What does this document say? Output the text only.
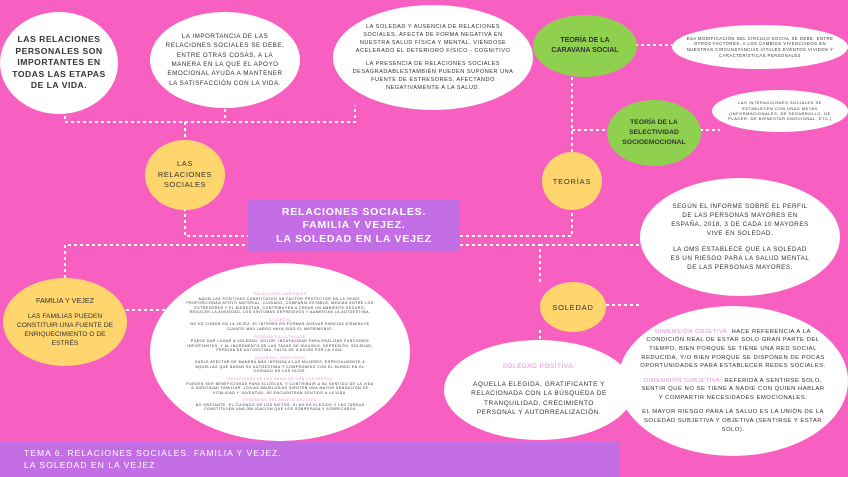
LAS RELACIONES PERSONALES SON IMPORTANTES EN TODAS LAS ETAPAS DE LA VIDA.
LA IMPORTANCIA DE LAS RELACIONES SOCIALES SE DEBE, ENTRE OTRAS COSAS, A LA MANERA EN LA QUE EL APOYO EMOCIONAL AYUDA A MANTENER LA SATISFACCIÓN CON LA VIDA.
LA SOLEDAD Y AUSENCIA DE RELACIONES SOCIALES, AFECTA DE FORMA NEGATIVA EN NUESTRA SALUD FÍSICA Y MENTAL, VIÉNDOSE ACELERADO EL DETERIORO FÍSICO - COGNITIVO
LA PRESENCIA DE RELACIONES SOCIALES DESAGRADABLESTAMBIÉN PUEDEN SUPONER UNA FUENTE DE ESTRESORES, AFECTANDO NEGATIVAMENTE A LA SALUD.
LAS RELACIONES SOCIALES
RELACIONES SOCIALES.
FAMILIA Y VEJEZ.
LA SOLEDAD EN LA VEJEZ
FAMILIA Y VEJEZ
LAS FAMILIAS PUEDEN CONSTITUIR UNA FUENTE DE ENRIQUECIMIENTO O DE ESTRÉS
RELACIONES MARITALES
AQUELLAS POSITIVAS CONSTITUYEN UN FACTOR PROTECTOR EN LA VEJEZ, PROPORCIONAN APOYO MATERIAL, CUIDADO, COMPAÑÍA ESTABLE, MEDIAN ENTRE LOS ESTRESORES Y EL BIENESTAR, CONTRIBUYEN A CREAR UN AMBIENTE SEGURO, REDUCEN LA ANSIEDAD, LOS SÍNTOMAS DEPRESIVOS Y AUMENTAN LA AUTOESTIMA.
DIVORCIO
NO ES COMÚN EN LA VEJEZ. EL INTERÉS EN FORMAR NUEVAS PAREJAS DISMINUYE CUANTO MÁS LARGO HAYA SIDO EL MATRIMONIO.
PÉRDIDA DEL CÓNYUGE
PUEDE DAR LUGAR A SOLEDAD, DOLOR, INCAPACIDAD PARA REALIZAR FUNCIONES IMPORTANTES, Y AL INCREMENTO DE LAS TASAS DE SUICIDIO, DEPRESIÓN, SOLEDAD, PÉRDIDA DE AUTOESTIMA, FALTA DE ILUSIÓN POR LA VIDA.
LAZOS DEL NIDO VACÍO
SUELE AFECTAR DE MANERA MÁS INTENSA A LAS MUJERES, ESPECIALMENTE A AQUELLAS QUE BASAN SU AUTOESTIMA Y COMPROMISO CON EL MUNDO EN EL CUIDADO DE LOS HIJOS.
RELACIONES DE LOS ABUELOS CON LOS NIETOS
PUEDEN SER BENEFICIOSAS PARA ELLOS/AS, Y CONTRIBUIR A SU SENTIDO DE LA VIDA E IDENTIDAD FAMILIAR. LOS/AS ABUELOS/AS SIENTEN UNA MAYOR SENSACIÓN DE VITALIDAD Y JUVENTUD, SE ENCUENTRAN SENTIDO A LA VIDA.
FENÓMENO DEL ABUELO ESCLAVO
NO OBSTANTE, EL CUIDADO DE LOS NIETOS, SI NO ES ELEGIDO Y LAS TAREAS CONSTITUYEN UNA OBLIGACIÓN QUE LOS SOBREPASA Y SOBRECARGA
TEORÍA DE LA CARAVANA SOCIAL
ESA MODIFICACIÓN DEL CÍRCULO SOCIAL SE DEBE, ENTRE OTROS FACTORES, A LOS CAMBIOS VIVENCIADOS EN NUESTRAS CIRCUNSTANCIAS VITALES EVENTOS VIVIDOS Y CARACTERÍSTICAS PERSONALES
TEORÍA DE LA SELECTIVIDAD SOCIOEMOCIONAL
LAS INTERACCIONES SOCIALES SE ESTABLECEN CON UNAS METAS (INFORMACIONALES, DE DESARROLLO, DE PLACER, DE BIENESTAR EMOCIONAL, ETC.)
TEORÍAS
SEGÚN EL INFORME SOBRE EL PERFIL DE LAS PERSONAS MAYORES EN ESPAÑA, 2018, 3 DE CADA 10 MAYORES VIVE EN SOLEDAD.
LA OMS ESTABLECE QUE LA SOLEDAD ES UN RIESGO PARA LA SALUD MENTAL DE LAS PERSONAS MAYORES.
SOLEDAD
SOLEDAD POSITIVA:
AQUELLA ELEGIDA, GRATIFICANTE Y RELACIONADA CON LA BÚSQUEDA DE TRANQUILIDAD, CRECIMIENTO PERSONAL Y AUTORREALIZACIÓN.
DIMENSIÓN OBJETIVA: HACE REFERENCIA A LA CONDICIÓN REAL DE ESTAR SOLO GRAN PARTE DEL TIEMPO, BIEN PORQUE SE TIENE UNA RED SOCIAL REDUCIDA, Y/O BIEN PORQUE SE DISPONEN DE POCAS OPORTUNIDADES PARA ESTABLECER REDES SOCIALES.
DIMENSIÓN SUBJETIVA: REFERIDA A SENTIRSE SOLO, SENTIR QUE NO SE TIENE A NADIE CON QUIEN HABLAR Y COMPARTIR NECESIDADES EMOCIONALES.
EL MAYOR RIESGO PARA LA SALUD ES LA UNIÓN DE LA SOLEDAD SUBJETIVA Y OBJETIVA (SENTIRSE Y ESTAR SOLO).
TEMA 6. RELACIONES SOCIALES. FAMILIA Y VEJEZ.
LA SOLEDAD EN LA VEJEZ
